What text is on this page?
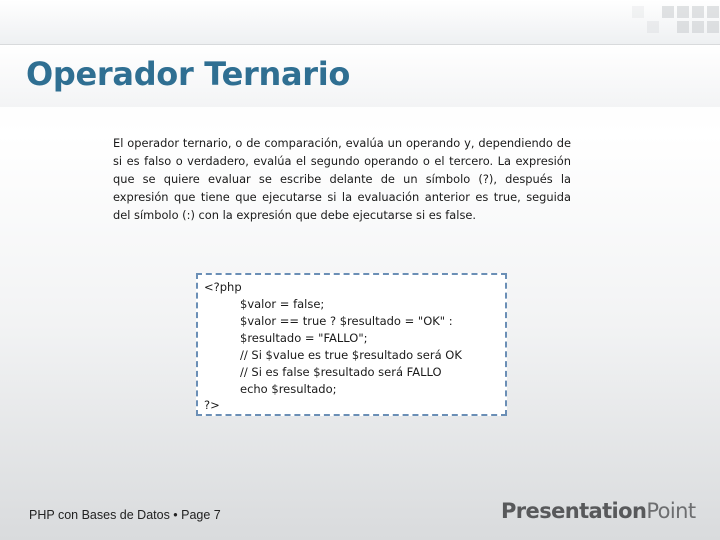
Operador Ternario

El operador ternario, o de comparación, evalúa un operando y, dependiendo de si es falso o verdadero, evalúa el segundo operando o el tercero. La expresión que se quiere evaluar se escribe delante de un símbolo (?), después la expresión que tiene que ejecutarse si la evaluación anterior es true, seguida del símbolo (:) con la expresión que debe ejecutarse si es false.

<?php
$valor = false;
$valor == true ? $resultado = "OK" :
$resultado = "FALLO";
// Si $value es true $resultado será OK
// Si es false $resultado será FALLO
echo $resultado;
?>

PHP con Bases de Datos • Page 7	PresentationPoint
